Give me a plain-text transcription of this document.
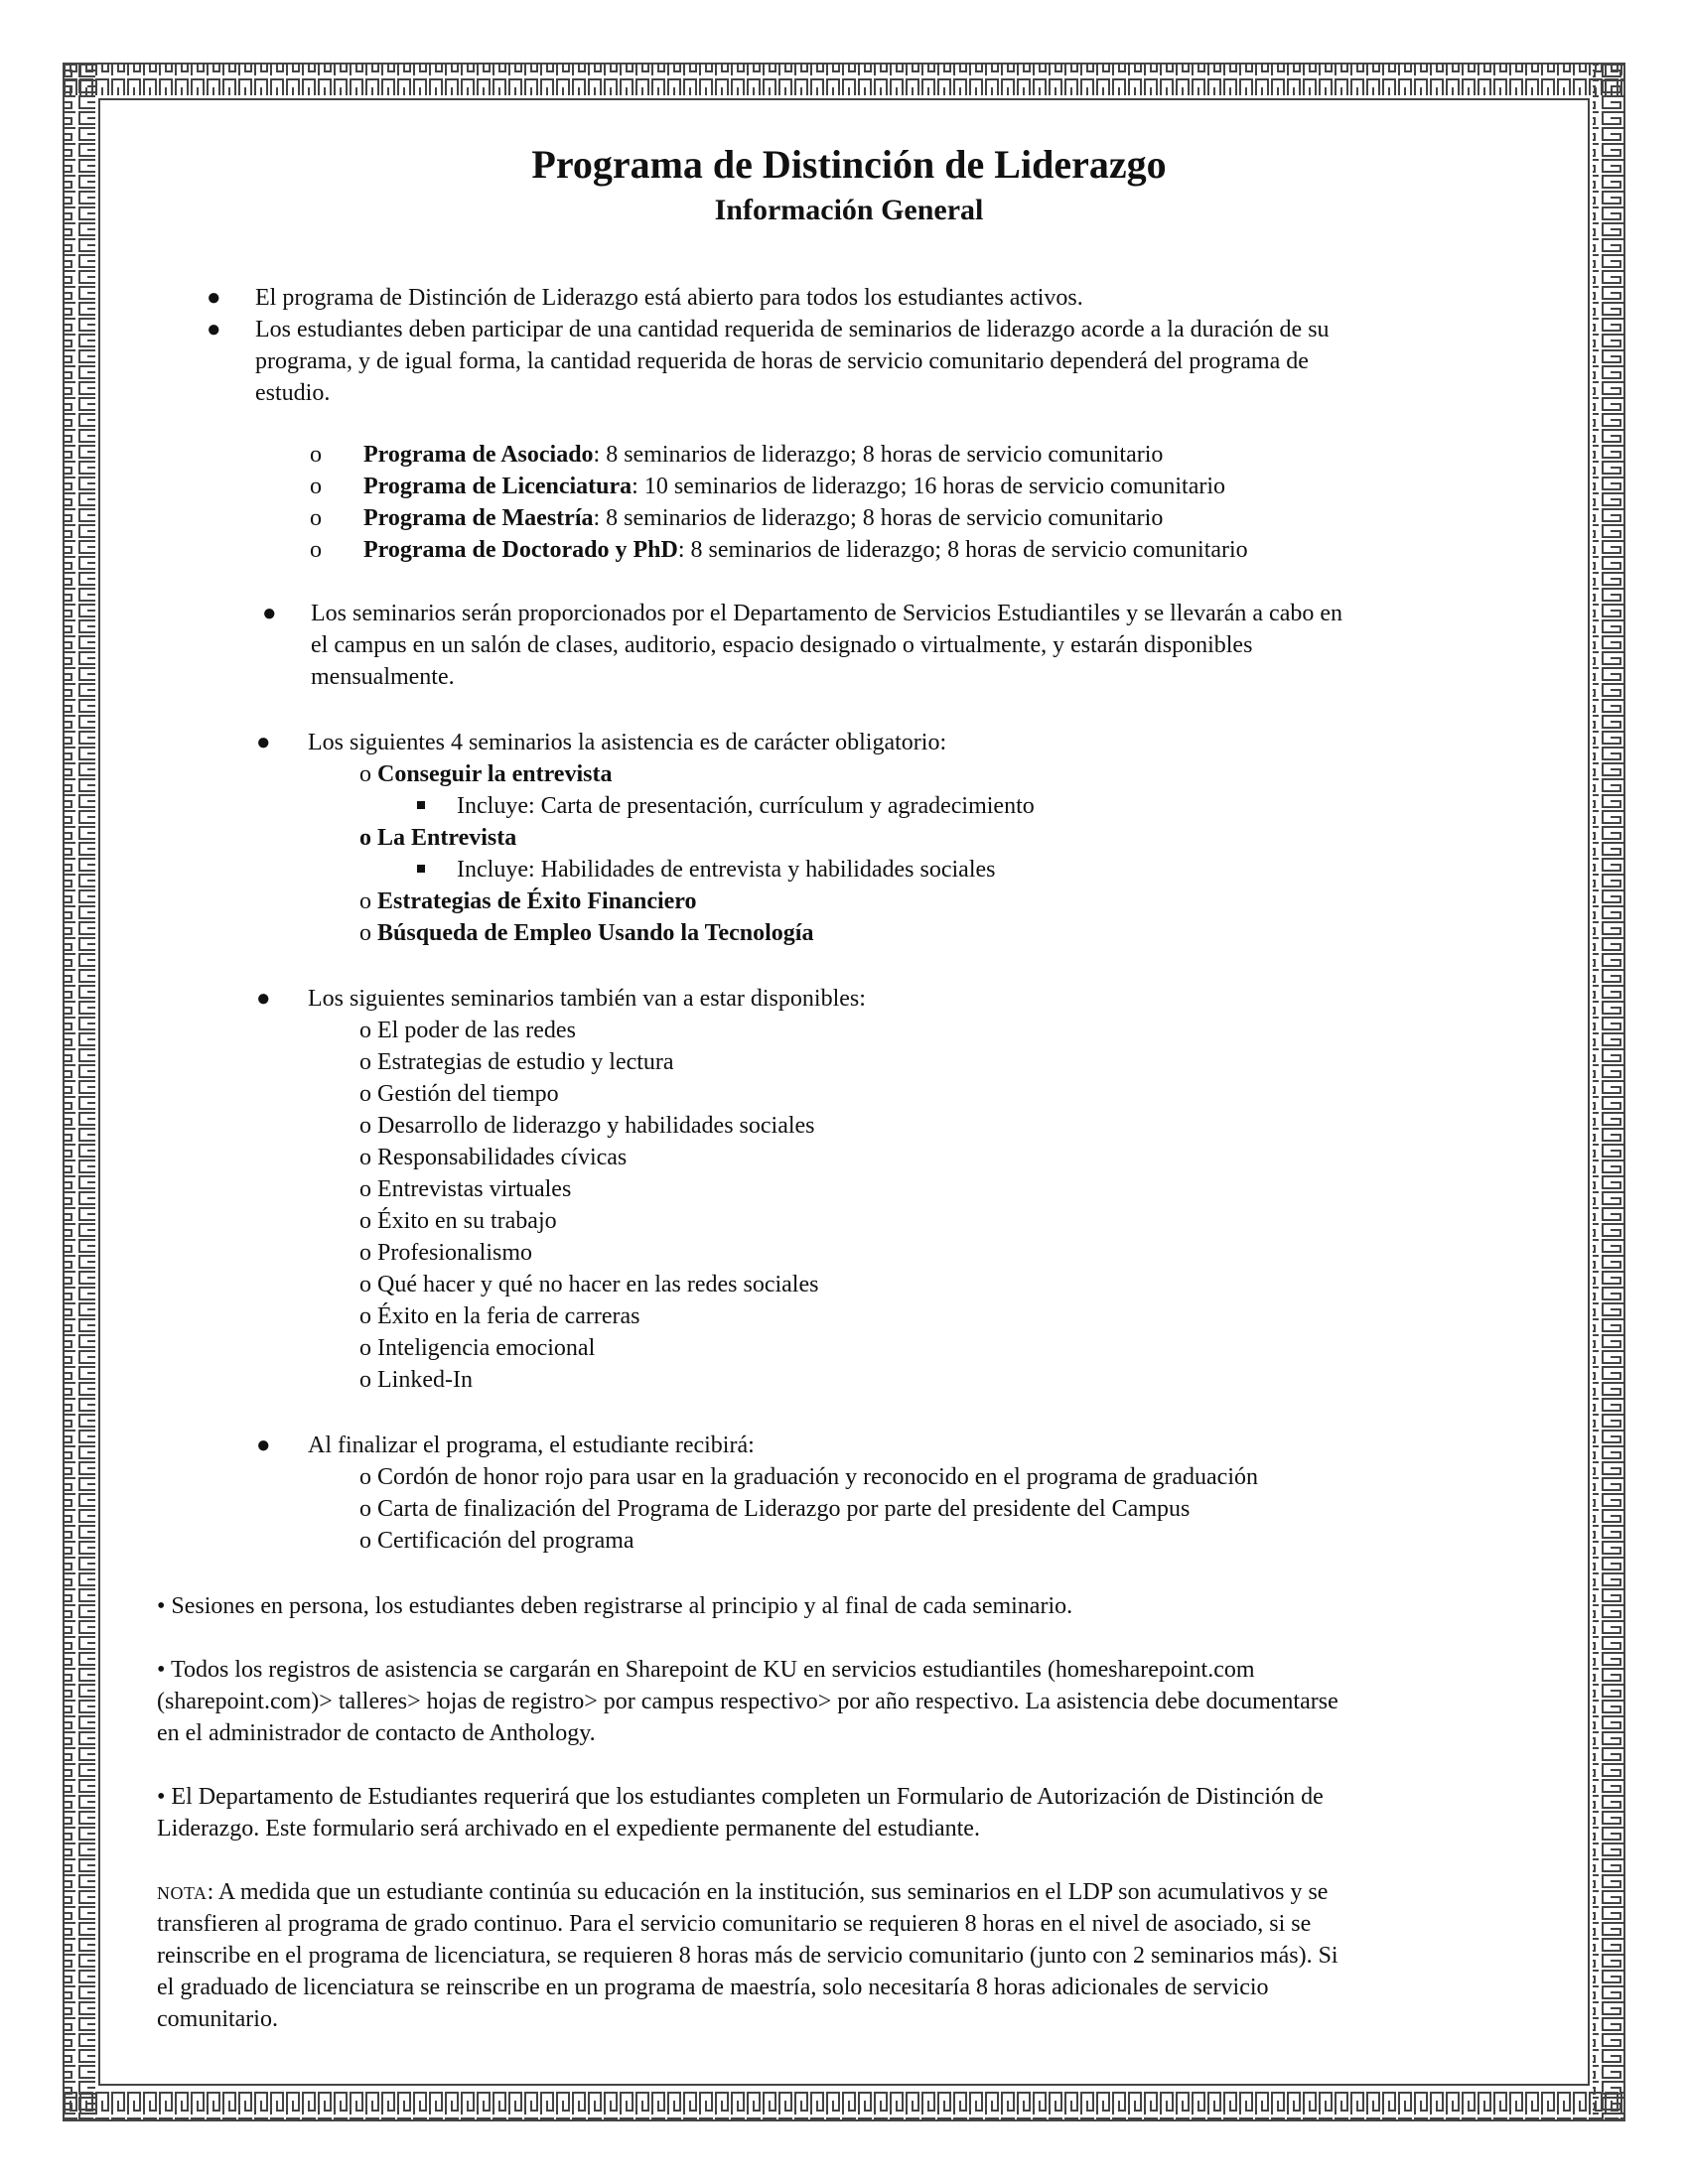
Programa de Distinción de Liderazgo
Información General
● El programa de Distinción de Liderazgo está abierto para todos los estudiantes activos.
● Los estudiantes deben participar de una cantidad requerida de seminarios de liderazgo acorde a la duración de su
programa, y de igual forma, la cantidad requerida de horas de servicio comunitario dependerá del programa de
estudio.
o Programa de Asociado: 8 seminarios de liderazgo; 8 horas de servicio comunitario
o Programa de Licenciatura: 10 seminarios de liderazgo; 16 horas de servicio comunitario
o Programa de Maestría: 8 seminarios de liderazgo; 8 horas de servicio comunitario
o Programa de Doctorado y PhD: 8 seminarios de liderazgo; 8 horas de servicio comunitario
● Los seminarios serán proporcionados por el Departamento de Servicios Estudiantiles y se llevarán a cabo en
el campus en un salón de clases, auditorio, espacio designado o virtualmente, y estarán disponibles
mensualmente.
● Los siguientes 4 seminarios la asistencia es de carácter obligatorio:
o Conseguir la entrevista
Incluye: Carta de presentación, currículum y agradecimiento
o La Entrevista
Incluye: Habilidades de entrevista y habilidades sociales
o Estrategias de Éxito Financiero
o Búsqueda de Empleo Usando la Tecnología
● Los siguientes seminarios también van a estar disponibles:
o El poder de las redes
o Estrategias de estudio y lectura
o Gestión del tiempo
o Desarrollo de liderazgo y habilidades sociales
o Responsabilidades cívicas
o Entrevistas virtuales
o Éxito en su trabajo
o Profesionalismo
o Qué hacer y qué no hacer en las redes sociales
o Éxito en la feria de carreras
o Inteligencia emocional
o Linked-In
● Al finalizar el programa, el estudiante recibirá:
o Cordón de honor rojo para usar en la graduación y reconocido en el programa de graduación
o Carta de finalización del Programa de Liderazgo por parte del presidente del Campus
o Certificación del programa
• Sesiones en persona, los estudiantes deben registrarse al principio y al final de cada seminario.
• Todos los registros de asistencia se cargarán en Sharepoint de KU en servicios estudiantiles (homesharepoint.com
(sharepoint.com)> talleres> hojas de registro> por campus respectivo> por año respectivo. La asistencia debe documentarse
en el administrador de contacto de Anthology.
• El Departamento de Estudiantes requerirá que los estudiantes completen un Formulario de Autorización de Distinción de
Liderazgo. Este formulario será archivado en el expediente permanente del estudiante.
NOTA: A medida que un estudiante continúa su educación en la institución, sus seminarios en el LDP son acumulativos y se
transfieren al programa de grado continuo. Para el servicio comunitario se requieren 8 horas en el nivel de asociado, si se
reinscribe en el programa de licenciatura, se requieren 8 horas más de servicio comunitario (junto con 2 seminarios más). Si
el graduado de licenciatura se reinscribe en un programa de maestría, solo necesitaría 8 horas adicionales de servicio
comunitario.
